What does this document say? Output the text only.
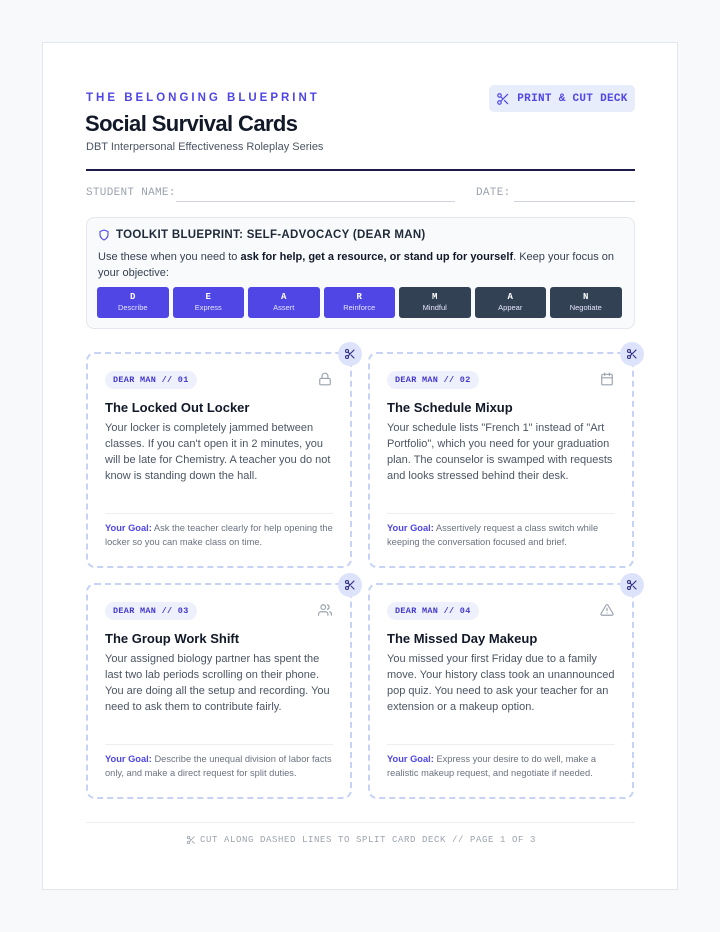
THE BELONGING BLUEPRINT
Social Survival Cards
DBT Interpersonal Effectiveness Roleplay Series
PRINT & CUT DECK
STUDENT NAME:	DATE:
TOOLKIT BLUEPRINT: SELF-ADVOCACY (DEAR MAN)
Use these when you need to ask for help, get a resource, or stand up for yourself. Keep your focus on your objective:
D
Describe
E
Express
A
Assert
R
Reinforce
M
Mindful
A
Appear
N
Negotiate
DEAR MAN // 01
The Locked Out Locker
Your locker is completely jammed between classes. If you can't open it in 2 minutes, you will be late for Chemistry. A teacher you do not know is standing down the hall.
Your Goal: Ask the teacher clearly for help opening the locker so you can make class on time.
DEAR MAN // 02
The Schedule Mixup
Your schedule lists "French 1" instead of "Art Portfolio", which you need for your graduation plan. The counselor is swamped with requests and looks stressed behind their desk.
Your Goal: Assertively request a class switch while keeping the conversation focused and brief.
DEAR MAN // 03
The Group Work Shift
Your assigned biology partner has spent the last two lab periods scrolling on their phone. You are doing all the setup and recording. You need to ask them to contribute fairly.
Your Goal: Describe the unequal division of labor facts only, and make a direct request for split duties.
DEAR MAN // 04
The Missed Day Makeup
You missed your first Friday due to a family move. Your history class took an unannounced pop quiz. You need to ask your teacher for an extension or a makeup option.
Your Goal: Express your desire to do well, make a realistic makeup request, and negotiate if needed.
CUT ALONG DASHED LINES TO SPLIT CARD DECK // PAGE 1 OF 3
